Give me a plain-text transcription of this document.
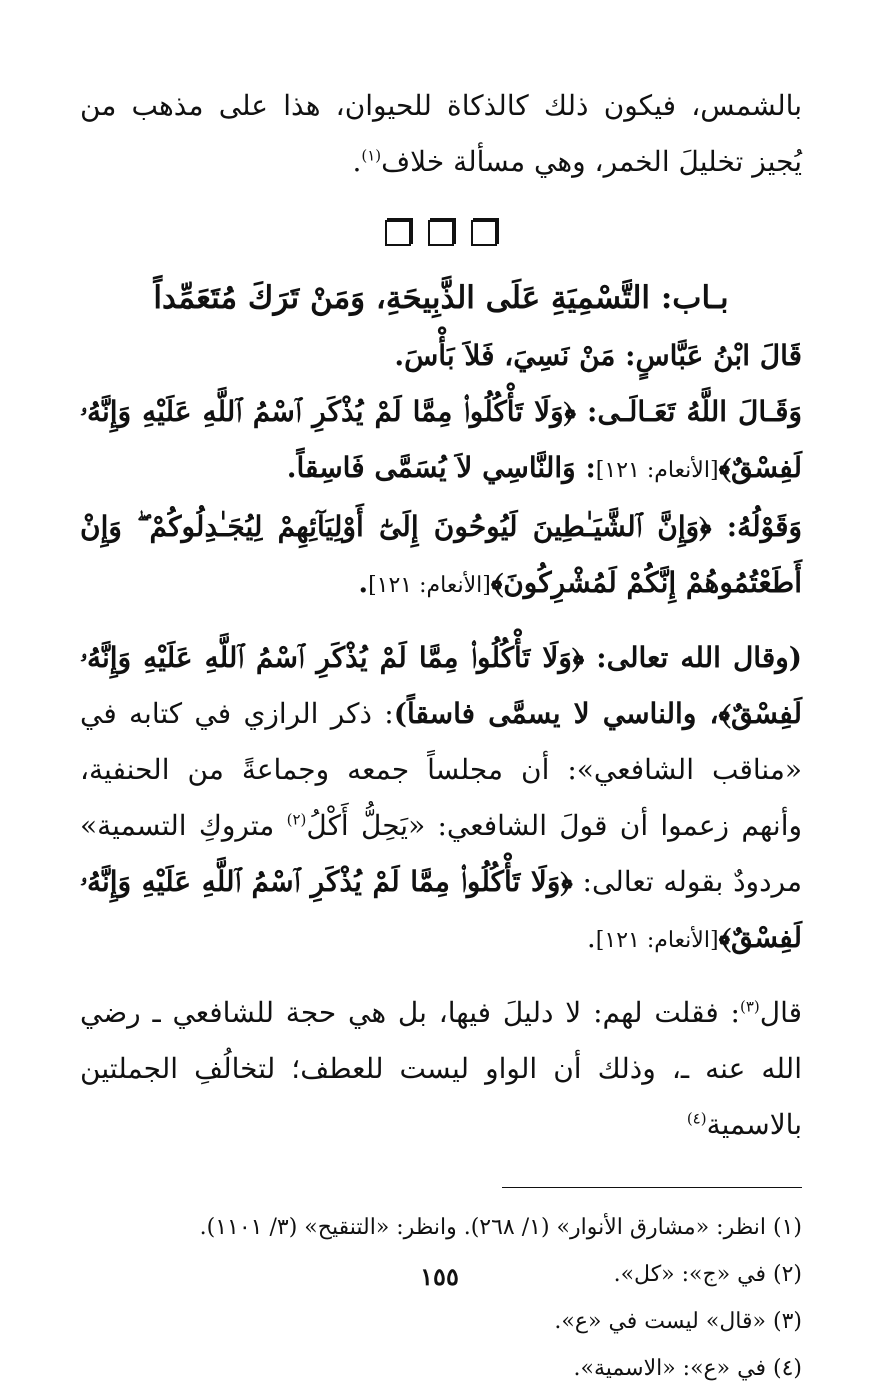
بالشمس، فيكون ذلك كالذكاة للحيوان، هذا على مذهب من يُجيز تخليلَ الخمر، وهي مسألة خلاف$^{(١)}$.

بـاب: التَّسْمِيَةِ عَلَى الذَّبِيحَةِ، وَمَنْ تَرَكَ مُتَعَمِّداً

قَالَ ابْنُ عَبَّاسٍ: مَنْ نَسِيَ، فَلاَ بَأْسَ.

وَقَـالَ اللَّهُ تَعَـالَـى: ﴿وَلَا تَأْكُلُوا۟ مِمَّا لَمْ يُذْكَرِ ٱسْمُ ٱللَّهِ عَلَيْهِ وَإِنَّهُۥ لَفِسْقٌ﴾[الأنعام: ١٢١]: وَالنَّاسِي لاَ يُسَمَّى فَاسِقاً.

وَقَوْلُهُ: ﴿وَإِنَّ ٱلشَّيَـٰطِينَ لَيُوحُونَ إِلَىٰٓ أَوْلِيَآئِهِمْ لِيُجَـٰدِلُوكُمْ ۖ وَإِنْ أَطَعْتُمُوهُمْ إِنَّكُمْ لَمُشْرِكُونَ﴾[الأنعام: ١٢١].

(وقال الله تعالى: ﴿وَلَا تَأْكُلُوا۟ مِمَّا لَمْ يُذْكَرِ ٱسْمُ ٱللَّهِ عَلَيْهِ وَإِنَّهُۥ لَفِسْقٌ﴾، والناسي لا يسمَّى فاسقاً): ذكر الرازي في كتابه في «مناقب الشافعي»: أن مجلساً جمعه وجماعةً من الحنفية، وأنهم زعموا أن قولَ الشافعي: «يَحِلُّ أَكْلُ$^{(٢)}$ متروكِ التسمية» مردودٌ بقوله تعالى: ﴿وَلَا تَأْكُلُوا۟ مِمَّا لَمْ يُذْكَرِ ٱسْمُ ٱللَّهِ عَلَيْهِ وَإِنَّهُۥ لَفِسْقٌ﴾[الأنعام: ١٢١].

قال$^{(٣)}$: فقلت لهم: لا دليلَ فيها، بل هي حجة للشافعي ـ رضي الله عنه ـ، وذلك أن الواو ليست للعطف؛ لتخالُفِ الجملتين بالاسمية$^{(٤)}$

(١) انظر: «مشارق الأنوار» (١/ ٢٦٨). وانظر: «التنقيح» (٣/ ١١٠١).

(٢) في «ج»: «كل».

(٣) «قال» ليست في «ع».

(٤) في «ع»: «الاسمية».

١٥٥
